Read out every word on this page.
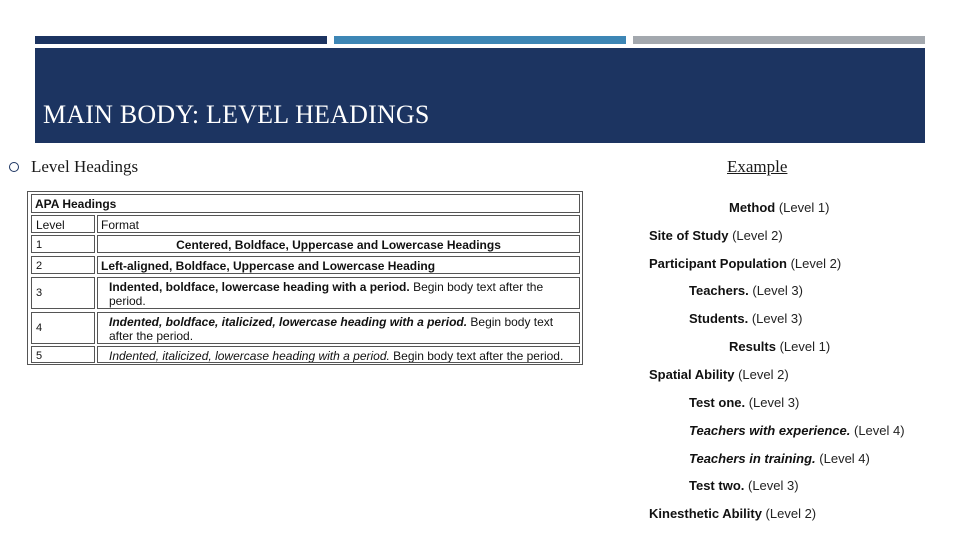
MAIN BODY: LEVEL HEADINGS
Level Headings	Example
APA Headings
Level	Format
1	Centered, Boldface, Uppercase and Lowercase Headings
2	Left-aligned, Boldface, Uppercase and Lowercase Heading
3	Indented, boldface, lowercase heading with a period. Begin body text after the period.
4	Indented, boldface, italicized, lowercase heading with a period. Begin body text after the period.
5	Indented, italicized, lowercase heading with a period. Begin body text after the period.
Method (Level 1)
Site of Study (Level 2)
Participant Population (Level 2)
Teachers. (Level 3)
Students. (Level 3)
Results (Level 1)
Spatial Ability (Level 2)
Test one. (Level 3)
Teachers with experience. (Level 4)
Teachers in training. (Level 4)
Test two. (Level 3)
Kinesthetic Ability (Level 2)
